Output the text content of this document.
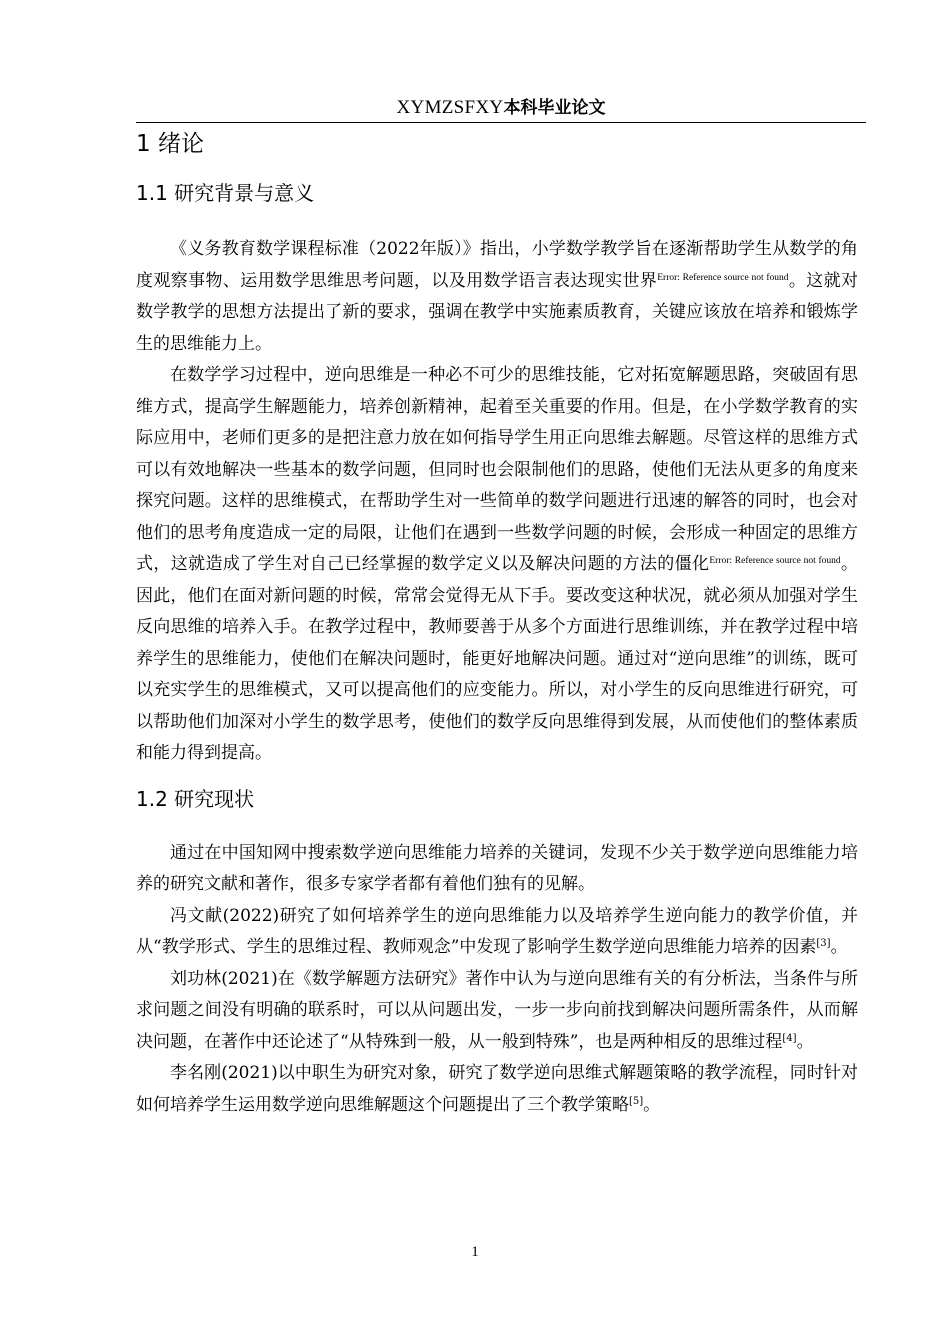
XYMZSFXY本科毕业论文
1 绪论
1.1 研究背景与意义

《义务教育数学课程标准（2022年版）》指出，小学数学教学旨在逐渐帮助学生从数学的角度观察事物、运用数学思维思考问题，以及用数学语言表达现实世界$^{Error: Reference source not found}$。这就对数学教学的思想方法提出了新的要求，强调在教学中实施素质教育，关键应该放在培养和锻炼学生的思维能力上。

在数学学习过程中，逆向思维是一种必不可少的思维技能，它对拓宽解题思路，突破固有思维方式，提高学生解题能力，培养创新精神，起着至关重要的作用。但是，在小学数学教育的实际应用中，老师们更多的是把注意力放在如何指导学生用正向思维去解题。尽管这样的思维方式可以有效地解决一些基本的数学问题，但同时也会限制他们的思路，使他们无法从更多的角度来探究问题。这样的思维模式，在帮助学生对一些简单的数学问题进行迅速的解答的同时，也会对他们的思考角度造成一定的局限，让他们在遇到一些数学问题的时候，会形成一种固定的思维方式，这就造成了学生对自己已经掌握的数学定义以及解决问题的方法的僵化$^{Error: Reference source not found}$。因此，他们在面对新问题的时候，常常会觉得无从下手。要改变这种状况，就必须从加强对学生反向思维的培养入手。在教学过程中，教师要善于从多个方面进行思维训练，并在教学过程中培养学生的思维能力，使他们在解决问题时，能更好地解决问题。通过对“逆向思维”的训练，既可以充实学生的思维模式，又可以提高他们的应变能力。所以，对小学生的反向思维进行研究，可以帮助他们加深对小学生的数学思考，使他们的数学反向思维得到发展，从而使他们的整体素质和能力得到提高。

1.2 研究现状

通过在中国知网中搜索数学逆向思维能力培养的关键词，发现不少关于数学逆向思维能力培养的研究文献和著作，很多专家学者都有着他们独有的见解。

冯文献(2022)研究了如何培养学生的逆向思维能力以及培养学生逆向能力的教学价值，并从“教学形式、学生的思维过程、教师观念”中发现了影响学生数学逆向思维能力培养的因素[3]。

刘功林(2021)在《数学解题方法研究》著作中认为与逆向思维有关的有分析法，当条件与所求问题之间没有明确的联系时，可以从问题出发，一步一步向前找到解决问题所需条件，从而解决问题，在著作中还论述了“从特殊到一般，从一般到特殊”，也是两种相反的思维过程[4]。

李名刚(2021)以中职生为研究对象，研究了数学逆向思维式解题策略的教学流程，同时针对如何培养学生运用数学逆向思维解题这个问题提出了三个教学策略[5]。

1
